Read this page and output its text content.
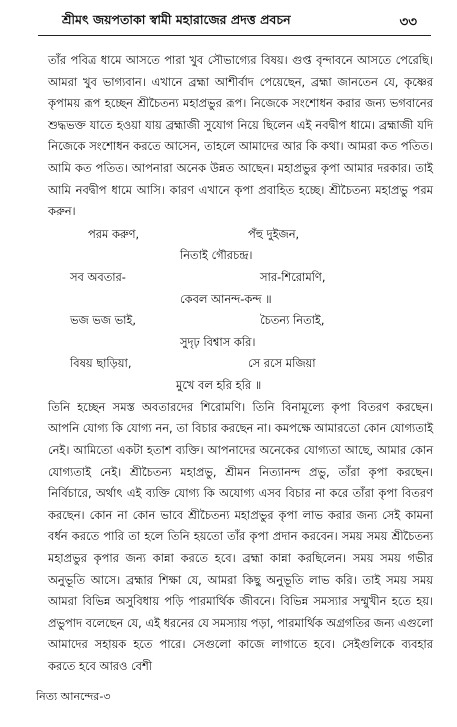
শ্রীমৎ জয়পতাকা স্বামী মহারাজের প্রদত্ত প্রবচন	৩৩

তাঁর পবিত্র ধামে আসতে পারা খুব সৌভাগ্যের বিষয়। গুপ্ত বৃন্দাবনে আসতে পেরেছি। আমরা খুব ভাগ্যবান। এখানে ব্রহ্মা আশীর্বাদ পেয়েছেন, ব্রহ্মা জানতেন যে, কৃষ্ণের কৃপাময় রূপ হচ্ছেন শ্রীচৈতন্য মহাপ্রভুর রূপ। নিজেকে সংশোধন করার জন্য ভগবানের শুদ্ধভক্ত যাতে হওয়া যায় ব্রহ্মাজী সুযোগ নিয়ে ছিলেন এই নবদ্বীপ ধামে। ব্রহ্মাজী যদি নিজেকে সংশোধন করতে আসেন, তাহলে আমাদের আর কি কথা। আমরা কত পতিত। আমি কত পতিত। আপনারা অনেক উন্নত আছেন। মহাপ্রভুর কৃপা আমার দরকার। তাই আমি নবদ্বীপ ধামে আসি। কারণ এখানে কৃপা প্রবাহিত হচ্ছে। শ্রীচৈতন্য মহাপ্রভু পরম করুন।

পরম করুণ,	পঁহু দুইজন,
নিতাই গৌরচন্দ্র।
সব অবতার-	সার-শিরোমণি,
কেবল আনন্দ-কন্দ ॥
ভজ ভজ ভাই,	চৈতন্য নিতাই,
সুদৃঢ় বিশ্বাস করি।
বিষয় ছাড়িয়া,	সে রসে মজিয়া
মুখে বল হরি হরি ॥

তিনি হচ্ছেন সমস্ত অবতারদের শিরোমণি। তিনি বিনামূল্যে কৃপা বিতরণ করছেন। আপনি যোগ্য কি যোগ্য নন, তা বিচার করছেন না। কমপক্ষে আমারতো কোন যোগ্যতাই নেই। আমিতো একটা হতাশ ব্যক্তি। আপনাদের অনেকের যোগ্যতা আছে, আমার কোন যোগ্যতাই নেই। শ্রীচৈতন্য মহাপ্রভু, শ্রীমন নিত্যানন্দ প্রভু, তাঁরা কৃপা করছেন। নির্বিচারে, অর্থাৎ এই ব্যক্তি যোগ্য কি অযোগ্য এসব বিচার না করে তাঁরা কৃপা বিতরণ করছেন। কোন না কোন ভাবে শ্রীচৈতন্য মহাপ্রভুর কৃপা লাভ করার জন্য সেই কামনা বর্ধন করতে পারি তা হলে তিনি হয়তো তাঁর কৃপা প্রদান করবেন। সময় সময় শ্রীচৈতন্য মহাপ্রভুর কৃপার জন্য কান্না করতে হবে। ব্রহ্মা কান্না করছিলেন। সময় সময় গভীর অনুভূতি আসে। ব্রহ্মার শিক্ষা যে, আমরা কিছু অনুভূতি লাভ করি। তাই সময় সময় আমরা বিভিন্ন অসুবিধায় পড়ি পারমার্থিক জীবনে। বিভিন্ন সমস্যার সম্মুখীন হতে হয়। প্রভুপাদ বলেছেন যে, এই ধরনের যে সমস্যায় পড়া, পারমার্থিক অগ্রগতির জন্য এগুলো আমাদের সহায়ক হতে পারে। সেগুলো কাজে লাগাতে হবে। সেইগুলিকে ব্যবহার করতে হবে আরও বেশী

নিত্য আনন্দের-৩
